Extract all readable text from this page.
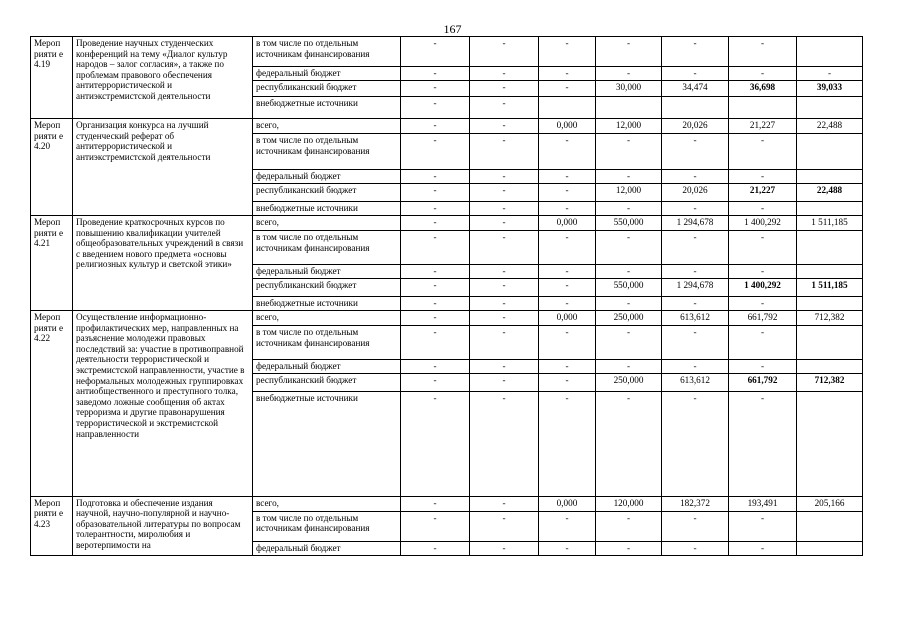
167
Мероп рияти е 4.19	Проведение научных студенческих конференций на тему «Диалог культур народов – залог согласия», а также по проблемам правового обеспечения антитеррористической и антиэкстремистской деятельности	в том числе по отдельным источникам финансирования	-	-	-	-	-	-	
		федеральный бюджет	-	-	-	-	-	-	-
		республиканский бюджет	-	-	-	30,000	34,474	36,698	39,033
		внебюджетные источники	-	-					
Мероп рияти е 4.20	Организация конкурса на лучший студенческий реферат об антитеррористической и антиэкстремистской деятельности	всего,	-	-	0,000	12,000	20,026	21,227	22,488
		в том числе по отдельным источникам финансирования	-	-	-	-	-	-	
		федеральный бюджет	-	-	-	-	-	-	
		республиканский бюджет	-	-	-	12,000	20,026	21,227	22,488
		внебюджетные источники	-	-	-	-	-	-	
Мероп рияти е 4.21	Проведение краткосрочных курсов по повышению квалификации учителей общеобразовательных учреждений в связи с введением нового предмета «основы религиозных культур и светской этики»	всего,	-	-	0,000	550,000	1 294,678	1 400,292	1 511,185
		в том числе по отдельным источникам финансирования	-	-	-	-	-	-	
		федеральный бюджет	-	-	-	-	-	-	
		республиканский бюджет	-	-	-	550,000	1 294,678	1 400,292	1 511,185
		внебюджетные источники	-	-	-	-	-	-	
Мероп рияти е 4.22	Осуществление информационно-профилактических мер, направленных на разъяснение молодежи правовых последствий за: участие в противоправной деятельности террористической и экстремистской направленности, участие в неформальных молодежных группировках антиобщественного и преступного толка, заведомо ложные сообщения об актах терроризма и другие правонарушения террористической и экстремистской направленности	всего,	-	-	0,000	250,000	613,612	661,792	712,382
		в том числе по отдельным источникам финансирования	-	-	-	-	-	-	
		федеральный бюджет	-	-	-	-	-	-	
		республиканский бюджет	-	-	-	250,000	613,612	661,792	712,382
		внебюджетные источники	-	-	-	-	-	-	
Мероп рияти е 4.23	Подготовка и обеспечение издания научной, научно-популярной и научно-образовательной литературы по вопросам толерантности, миролюбия и веротерпимости на	всего,	-	-	0,000	120,000	182,372	193,491	205,166
		в том числе по отдельным источникам финансирования	-	-	-	-	-	-	
		федеральный бюджет	-	-	-	-	-	-	
